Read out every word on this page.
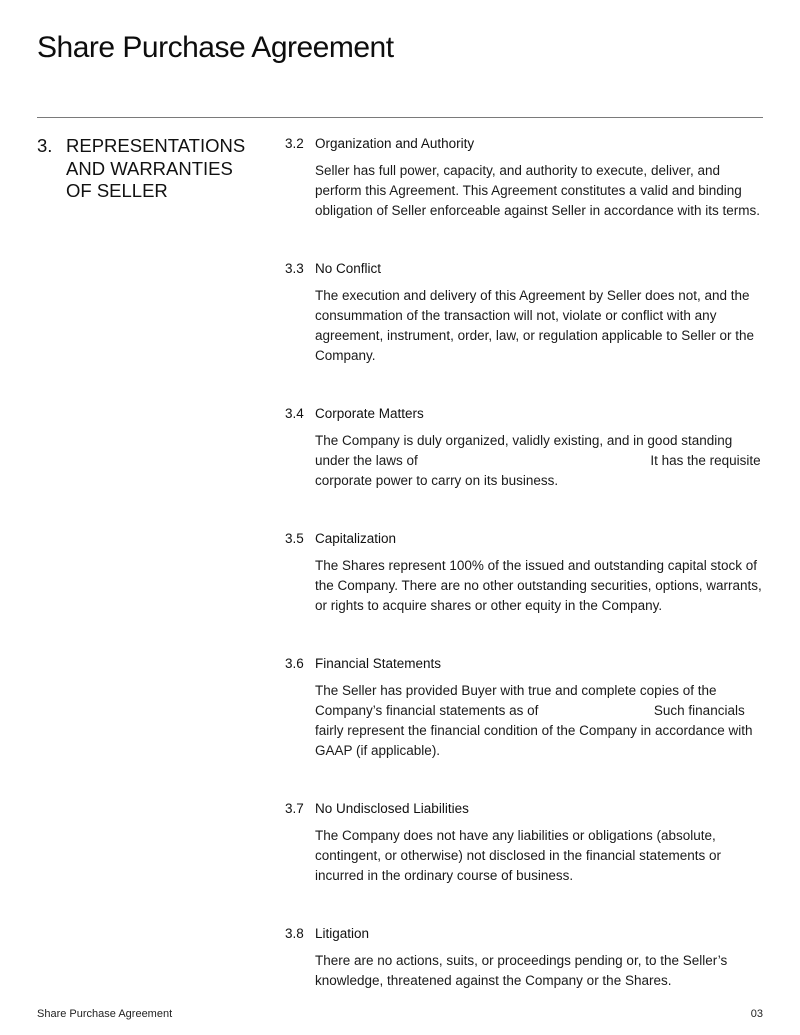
Share Purchase Agreement
3. REPRESENTATIONS
AND WARRANTIES
OF SELLER
3.2 Organization and Authority
Seller has full power, capacity, and authority to execute, deliver, and perform this Agreement. This Agreement constitutes a valid and binding obligation of Seller enforceable against Seller in accordance with its terms.
3.3 No Conflict
The execution and delivery of this Agreement by Seller does not, and the consummation of the transaction will not, violate or conflict with any agreement, instrument, order, law, or regulation applicable to Seller or the Company.
3.4 Corporate Matters
The Company is duly organized, validly existing, and in good standing under the laws of	It has the requisite corporate power to carry on its business.
3.5 Capitalization
The Shares represent 100% of the issued and outstanding capital stock of the Company. There are no other outstanding securities, options, warrants, or rights to acquire shares or other equity in the Company.
3.6 Financial Statements
The Seller has provided Buyer with true and complete copies of the Company’s financial statements as of	Such financials fairly represent the financial condition of the Company in accordance with GAAP (if applicable).
3.7 No Undisclosed Liabilities
The Company does not have any liabilities or obligations (absolute, contingent, or otherwise) not disclosed in the financial statements or incurred in the ordinary course of business.
3.8 Litigation
There are no actions, suits, or proceedings pending or, to the Seller’s knowledge, threatened against the Company or the Shares.
Share Purchase Agreement	03
